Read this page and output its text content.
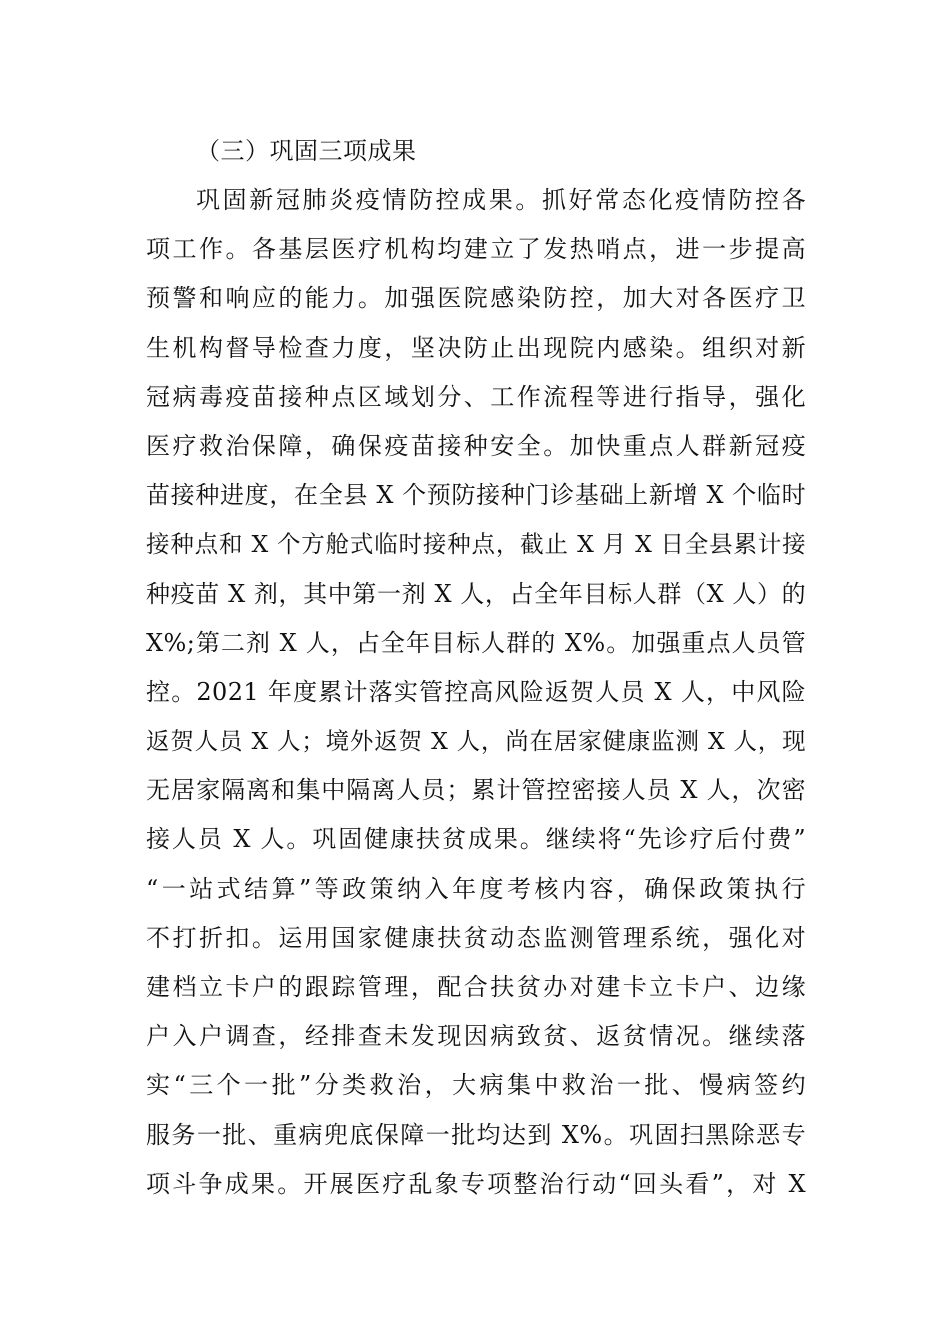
（三）巩固三项成果
巩固新冠肺炎疫情防控成果。抓好常态化疫情防控各
项工作。各基层医疗机构均建立了发热哨点，进一步提高
预警和响应的能力。加强医院感染防控，加大对各医疗卫
生机构督导检查力度，坚决防止出现院内感染。组织对新
冠病毒疫苗接种点区域划分、工作流程等进行指导，强化
医疗救治保障，确保疫苗接种安全。加快重点人群新冠疫
苗接种进度，在全县 X 个预防接种门诊基础上新增 X 个临时
接种点和 X 个方舱式临时接种点，截止 X 月 X 日全县累计接
种疫苗 X 剂，其中第一剂 X 人，占全年目标人群（X 人）的
X%;第二剂 X 人，占全年目标人群的 X%。加强重点人员管
控。2021 年度累计落实管控高风险返贺人员 X 人，中风险
返贺人员 X 人；境外返贺 X 人，尚在居家健康监测 X 人，现
无居家隔离和集中隔离人员；累计管控密接人员 X 人，次密
接人员 X 人。巩固健康扶贫成果。继续将“先诊疗后付费”
“一站式结算”等政策纳入年度考核内容，确保政策执行
不打折扣。运用国家健康扶贫动态监测管理系统，强化对
建档立卡户的跟踪管理，配合扶贫办对建卡立卡户、边缘
户入户调查，经排查未发现因病致贫、返贫情况。继续落
实“三个一批”分类救治，大病集中救治一批、慢病签约
服务一批、重病兜底保障一批均达到 X%。巩固扫黑除恶专
项斗争成果。开展医疗乱象专项整治行动“回头看”，对 X
